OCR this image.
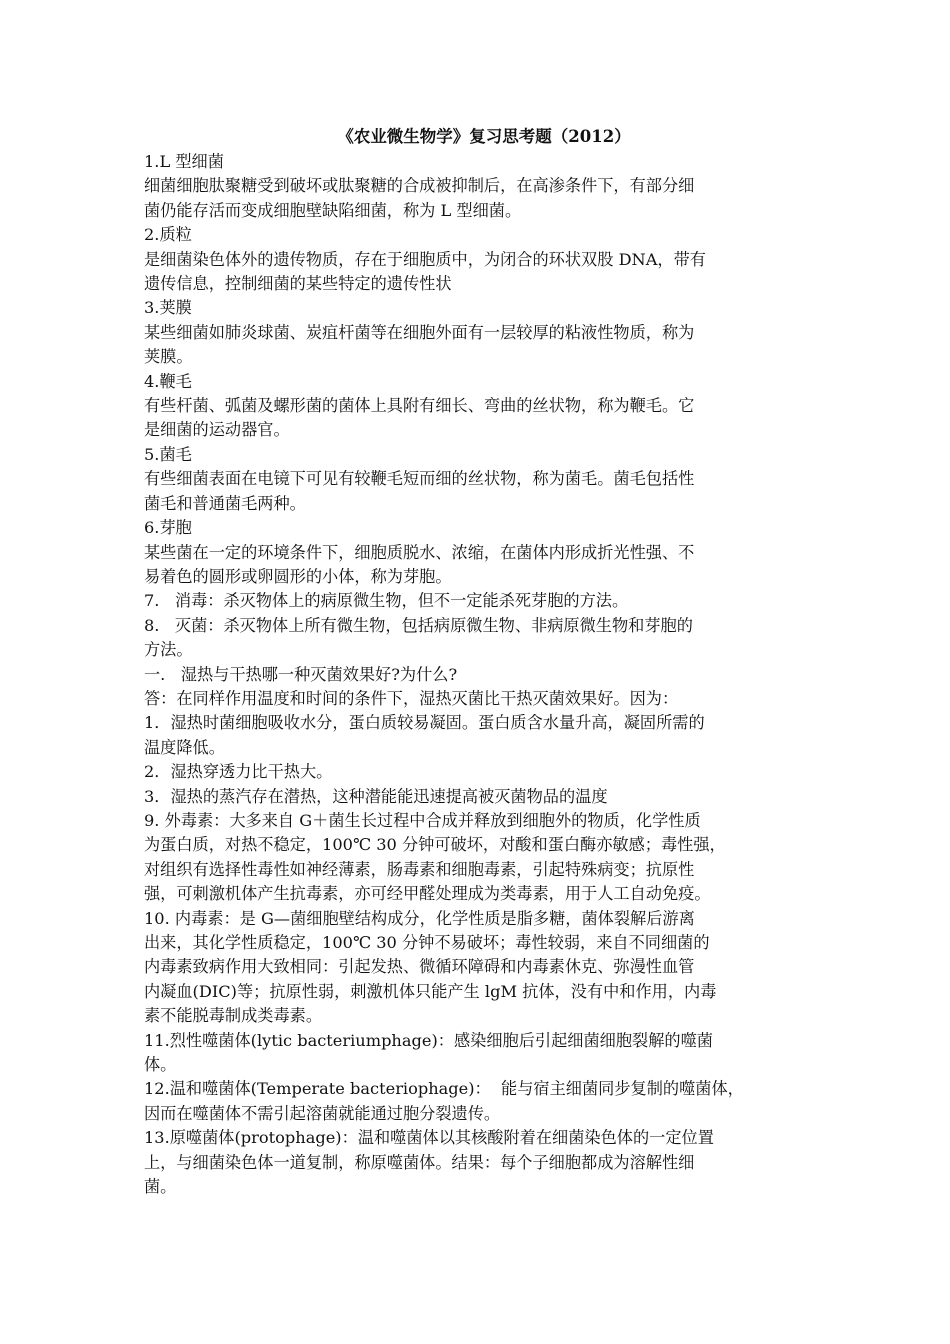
《农业微生物学》复习思考题（2012）

1.L 型细菌

细菌细胞肽聚糖受到破坏或肽聚糖的合成被抑制后，在高渗条件下，有部分细

菌仍能存活而变成细胞壁缺陷细菌，称为 L 型细菌。

2.质粒

是细菌染色体外的遗传物质，存在于细胞质中，为闭合的环状双股 DNA，带有

遗传信息，控制细菌的某些特定的遗传性状

3.荚膜

某些细菌如肺炎球菌、炭疽杆菌等在细胞外面有一层较厚的粘液性物质，称为

荚膜。

4.鞭毛

有些杆菌、弧菌及螺形菌的菌体上具附有细长、弯曲的丝状物，称为鞭毛。它

是细菌的运动器官。

5.菌毛

有些细菌表面在电镜下可见有较鞭毛短而细的丝状物，称为菌毛。菌毛包括性

菌毛和普通菌毛两种。

6.芽胞

某些菌在一定的环境条件下，细胞质脱水、浓缩，在菌体内形成折光性强、不

易着色的圆形或卵圆形的小体，称为芽胞。

7.   消毒：杀灭物体上的病原微生物，但不一定能杀死芽胞的方法。

8.   灭菌：杀灭物体上所有微生物，包括病原微生物、非病原微生物和芽胞的

方法。

一.   湿热与干热哪一种灭菌效果好?为什么?

答：在同样作用温度和时间的条件下，湿热灭菌比干热灭菌效果好。因为：

1．湿热时菌细胞吸收水分，蛋白质较易凝固。蛋白质含水量升高，凝固所需的

温度降低。

2．湿热穿透力比干热大。

3．湿热的蒸汽存在潜热，这种潜能能迅速提高被灭菌物品的温度

9. 外毒素：大多来自 G＋菌生长过程中合成并释放到细胞外的物质，化学性质

为蛋白质，对热不稳定，100℃ 30 分钟可破坏，对酸和蛋白酶亦敏感；毒性强，

对组织有选择性毒性如神经薄素，肠毒素和细胞毒素，引起特殊病变；抗原性

强，可刺激机体产生抗毒素，亦可经甲醛处理成为类毒素，用于人工自动免疫。

10. 内毒素：是 G—菌细胞壁结构成分，化学性质是脂多糖，菌体裂解后游离

出来，其化学性质稳定，100℃ 30 分钟不易破坏；毒性较弱，来自不同细菌的

内毒素致病作用大致相同：引起发热、微循环障碍和内毒素休克、弥漫性血管

内凝血(DIC)等；抗原性弱，刺激机体只能产生 lgM 抗体，没有中和作用，内毒

素不能脱毒制成类毒素。

11.烈性噬菌体(lytic bacteriumphage)：感染细胞后引起细菌细胞裂解的噬菌

体。

12.温和噬菌体(Temperate bacteriophage)：  能与宿主细菌同步复制的噬菌体，

因而在噬菌体不需引起溶菌就能通过胞分裂遗传。

13.原噬菌体(protophage)：温和噬菌体以其核酸附着在细菌染色体的一定位置

上，与细菌染色体一道复制，称原噬菌体。结果：每个子细胞都成为溶解性细

菌。
